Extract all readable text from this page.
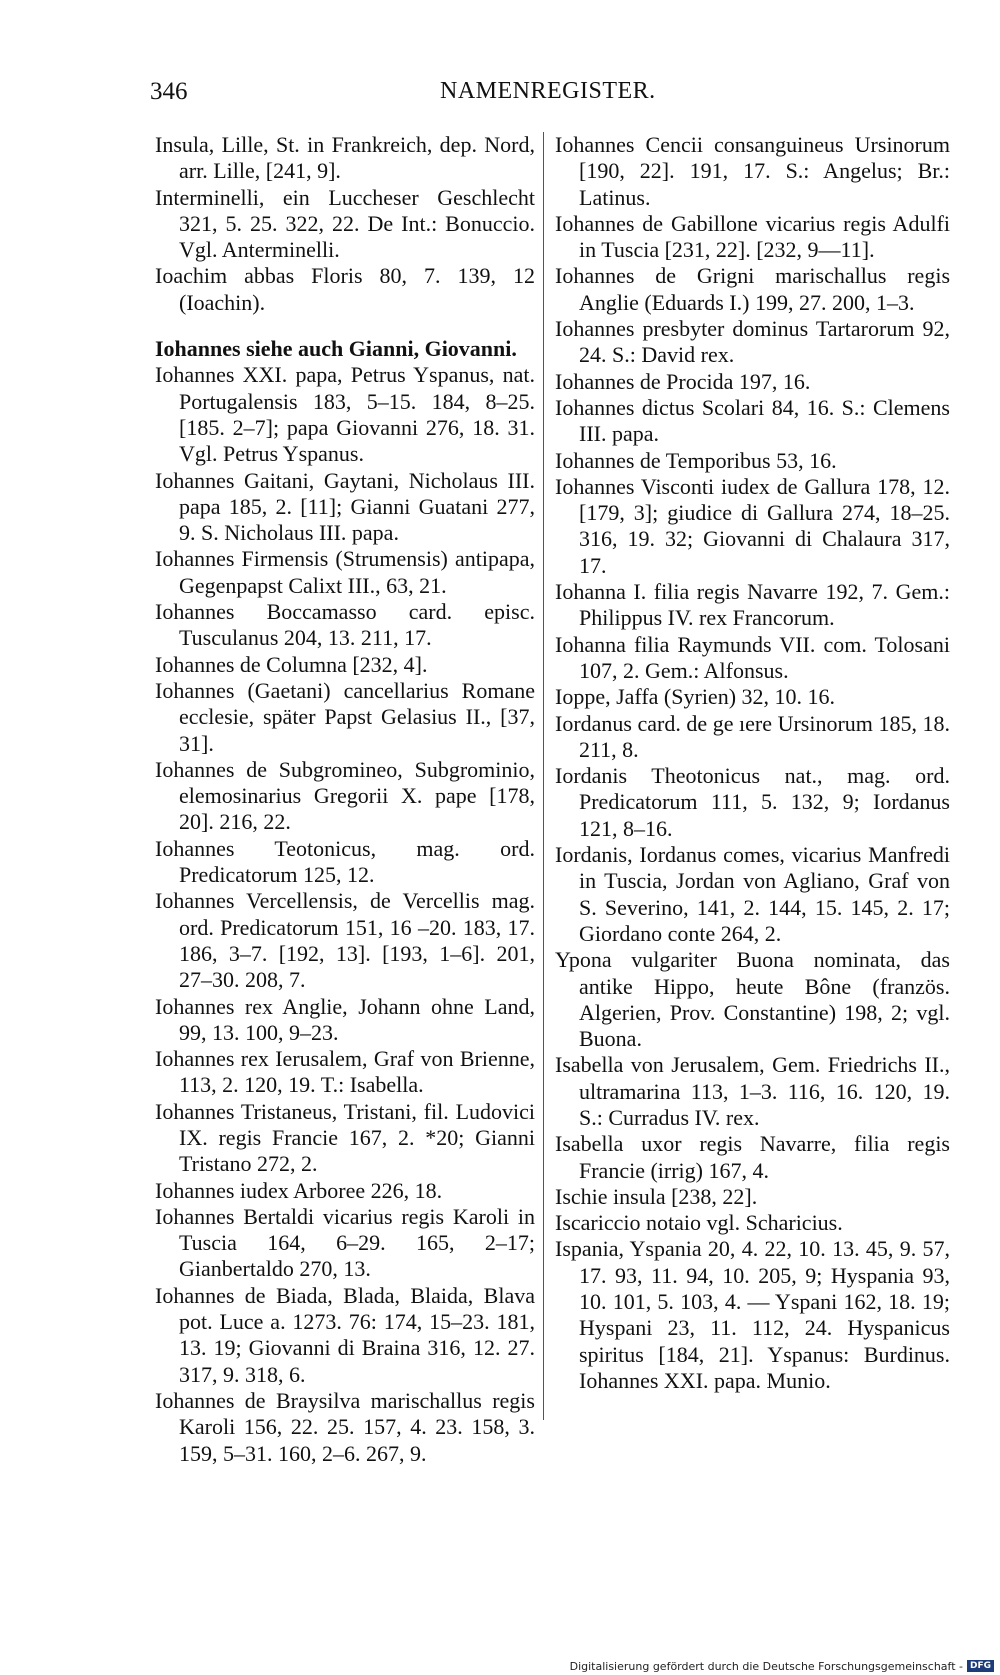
346	NAMENREGISTER.

Insula, Lille, St. in Frankreich, dep. Nord, arr. Lille, [241, 9].

Interminelli, ein Luccheser Geschlecht 321, 5. 25. 322, 22. De Int.: Bonuccio. Vgl. Anterminelli.

Ioachim abbas Floris 80, 7. 139, 12 (Ioachin).

Iohannes siehe auch Gianni, Giovanni.

Iohannes XXI. papa, Petrus Yspanus, nat. Portugalensis 183, 5–15. 184, 8–25. [185. 2–7]; papa Giovanni 276, 18. 31. Vgl. Petrus Yspanus.

Iohannes Gaitani, Gaytani, Nicholaus III. papa 185, 2. [11]; Gianni Guatani 277, 9. S. Nicholaus III. papa.

Iohannes Firmensis (Strumensis) antipapa, Gegenpapst Calixt III., 63, 21.

Iohannes Boccamasso card. episc. Tusculanus 204, 13. 211, 17.

Iohannes de Columna [232, 4].

Iohannes (Gaetani) cancellarius Romane ecclesie, später Papst Gelasius II., [37, 31].

Iohannes de Subgromineo, Subgrominio, elemosinarius Gregorii X. pape [178, 20]. 216, 22.

Iohannes Teotonicus, mag. ord. Predicatorum 125, 12.

Iohannes Vercellensis, de Vercellis mag. ord. Predicatorum 151, 16 –20. 183, 17. 186, 3–7. [192, 13]. [193, 1–6]. 201, 27–30. 208, 7.

Iohannes rex Anglie, Johann ohne Land, 99, 13. 100, 9–23.

Iohannes rex Ierusalem, Graf von Brienne, 113, 2. 120, 19. T.: Isabella.

Iohannes Tristaneus, Tristani, fil. Ludovici IX. regis Francie 167, 2. *20; Gianni Tristano 272, 2.

Iohannes iudex Arboree 226, 18.

Iohannes Bertaldi vicarius regis Karoli in Tuscia 164, 6–29. 165, 2–17; Gianbertaldo 270, 13.

Iohannes de Biada, Blada, Blaida, Blava pot. Luce a. 1273. 76: 174, 15–23. 181, 13. 19; Giovanni di Braina 316, 12. 27. 317, 9. 318, 6.

Iohannes de Braysilva marischallus regis Karoli 156, 22. 25. 157, 4. 23. 158, 3. 159, 5–31. 160, 2–6. 267, 9.

Iohannes Cencii consanguineus Ursinorum [190, 22]. 191, 17. S.: Angelus; Br.: Latinus.

Iohannes de Gabillone vicarius regis Adulfi in Tuscia [231, 22]. [232, 9—11].

Iohannes de Grigni marischallus regis Anglie (Eduards I.) 199, 27. 200, 1–3.

Iohannes presbyter dominus Tartarorum 92, 24. S.: David rex.

Iohannes de Procida 197, 16.

Iohannes dictus Scolari 84, 16. S.: Clemens III. papa.

Iohannes de Temporibus 53, 16.

Iohannes Visconti iudex de Gallura 178, 12. [179, 3]; giudice di Gallura 274, 18–25. 316, 19. 32; Giovanni di Chalaura 317, 17.

Iohanna I. filia regis Navarre 192, 7. Gem.: Philippus IV. rex Francorum.

Iohanna filia Raymunds VII. com. Tolosani 107, 2. Gem.: Alfonsus.

Ioppe, Jaffa (Syrien) 32, 10. 16.

Iordanus card. de ge ıere Ursinorum 185, 18. 211, 8.

Iordanis Theotonicus nat., mag. ord. Predicatorum 111, 5. 132, 9; Iordanus 121, 8–16.

Iordanis, Iordanus comes, vicarius Manfredi in Tuscia, Jordan von Agliano, Graf von S. Severino, 141, 2. 144, 15. 145, 2. 17; Giordano conte 264, 2.

Ypona vulgariter Buona nominata, das antike Hippo, heute Bône (französ. Algerien, Prov. Constantine) 198, 2; vgl. Buona.

Isabella von Jerusalem, Gem. Friedrichs II., ultramarina 113, 1–3. 116, 16. 120, 19. S.: Curradus IV. rex.

Isabella uxor regis Navarre, filia regis Francie (irrig) 167, 4.

Ischie insula [238, 22].

Iscariccio notaio vgl. Scharicius.

Ispania, Yspania 20, 4. 22, 10. 13. 45, 9. 57, 17. 93, 11. 94, 10. 205, 9; Hyspania 93, 10. 101, 5. 103, 4. — Yspani 162, 18. 19; Hyspani 23, 11. 112, 24. Hyspanicus spiritus [184, 21]. Yspanus: Burdinus. Iohannes XXI. papa. Munio.

Digitalisierung gefördert durch die Deutsche Forschungsgemeinschaft - DFG
